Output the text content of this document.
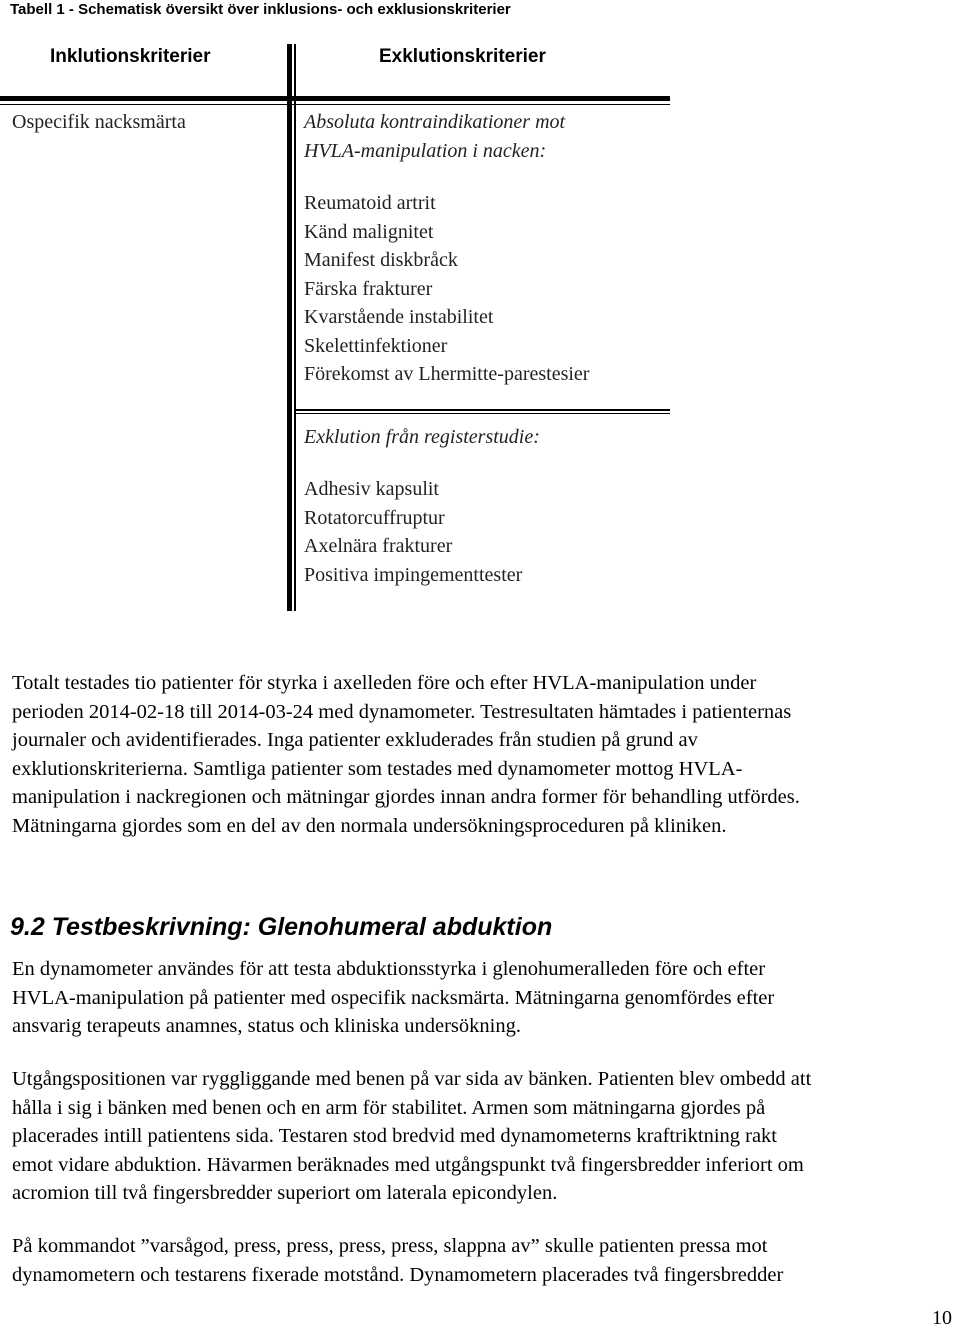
Tabell 1 - Schematisk översikt över inklusions- och exklusionskriterier
Inklutionskriterier	Exklutionskriterier
Ospecifik nacksmärta	Absoluta kontraindikationer mot
HVLA-manipulation i nacken:
Reumatoid artrit
Känd malignitet
Manifest diskbråck
Färska frakturer
Kvarstående instabilitet
Skelettinfektioner
Förekomst av Lhermitte-parestesier
Exklution från registerstudie:
Adhesiv kapsulit
Rotatorcuffruptur
Axelnära frakturer
Positiva impingementtester

Totalt testades tio patienter för styrka i axelleden före och efter HVLA-manipulation under
perioden 2014-02-18 till 2014-03-24 med dynamometer. Testresultaten hämtades i patienternas
journaler och avidentifierades. Inga patienter exkluderades från studien på grund av
exklutionskriterierna. Samtliga patienter som testades med dynamometer mottog HVLA-
manipulation i nackregionen och mätningar gjordes innan andra former för behandling utfördes.
Mätningarna gjordes som en del av den normala undersökningsproceduren på kliniken.

9.2 Testbeskrivning: Glenohumeral abduktion

En dynamometer användes för att testa abduktionsstyrka i glenohumeralleden före och efter
HVLA-manipulation på patienter med ospecifik nacksmärta. Mätningarna genomfördes efter
ansvarig terapeuts anamnes, status och kliniska undersökning.

Utgångspositionen var ryggliggande med benen på var sida av bänken. Patienten blev ombedd att
hålla i sig i bänken med benen och en arm för stabilitet. Armen som mätningarna gjordes på
placerades intill patientens sida. Testaren stod bredvid med dynamometerns kraftriktning rakt
emot vidare abduktion. Hävarmen beräknades med utgångspunkt två fingersbredder inferiort om
acromion till två fingersbredder superiort om laterala epicondylen.

På kommandot ”varsågod, press, press, press, press, slappna av” skulle patienten pressa mot
dynamometern och testarens fixerade motstånd. Dynamometern placerades två fingersbredder

10
